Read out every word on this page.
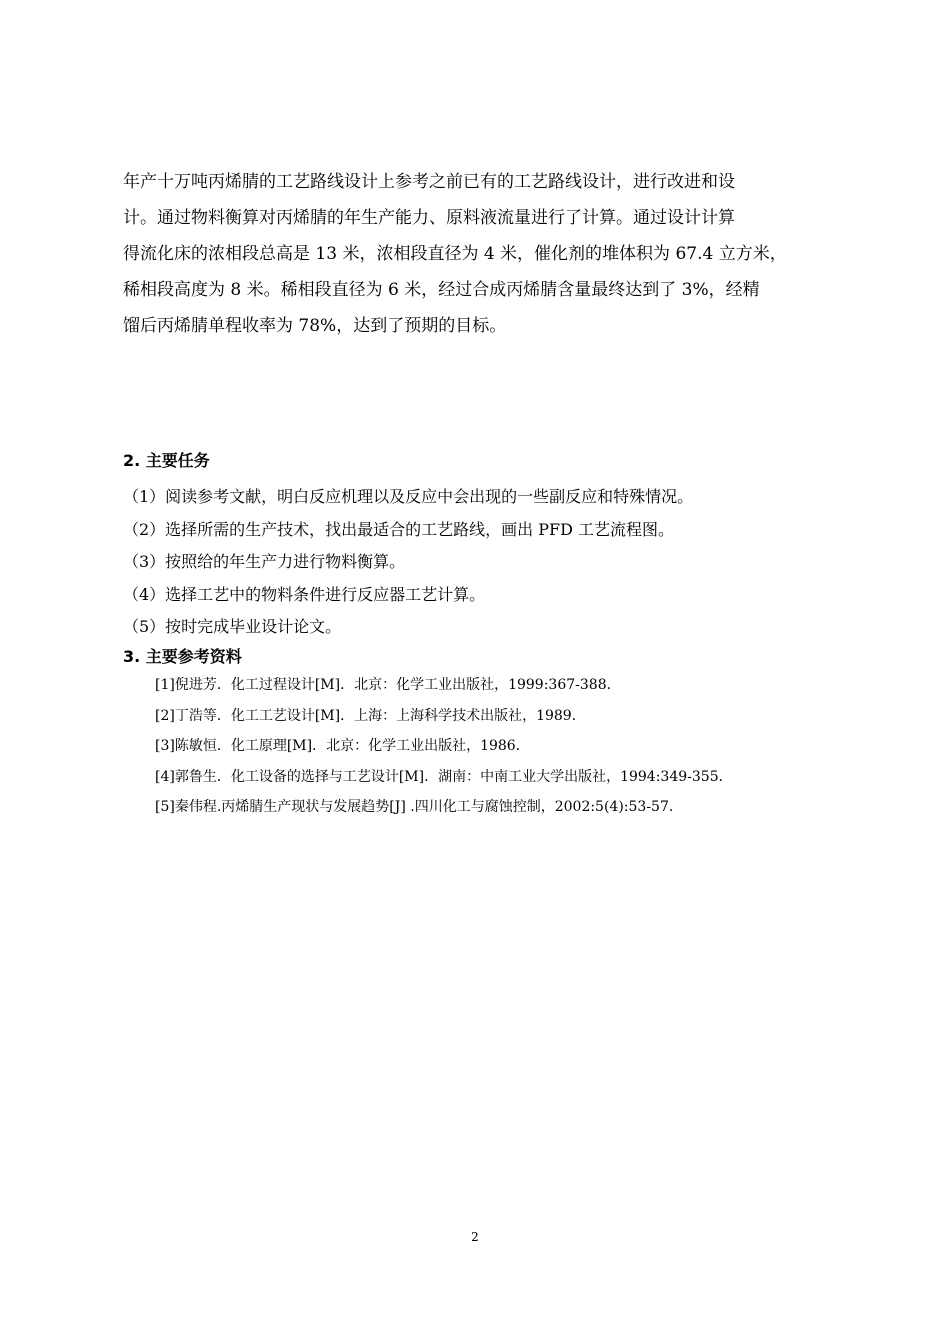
年产十万吨丙烯腈的工艺路线设计上参考之前已有的工艺路线设计，进行改进和设
计。通过物料衡算对丙烯腈的年生产能力、原料液流量进行了计算。通过设计计算
得流化床的浓相段总高是 13 米，浓相段直径为 4 米，催化剂的堆体积为 67.4 立方米，
稀相段高度为 8 米。稀相段直径为 6 米，经过合成丙烯腈含量最终达到了 3%，经精
馏后丙烯腈单程收率为 78%，达到了预期的目标。
2. 主要任务
（1）阅读参考文献，明白反应机理以及反应中会出现的一些副反应和特殊情况。
（2）选择所需的生产技术，找出最适合的工艺路线，画出 PFD 工艺流程图。
（3）按照给的年生产力进行物料衡算。
（4）选择工艺中的物料条件进行反应器工艺计算。
（5）按时完成毕业设计论文。
3. 主要参考资料
[1]倪进芳．化工过程设计[M]．北京：化学工业出版社，1999:367-388．
[2]丁浩等．化工工艺设计[M]．上海：上海科学技术出版社，1989．
[3]陈敏恒．化工原理[M]．北京：化学工业出版社，1986．
[4]郭鲁生．化工设备的选择与工艺设计[M]．湖南：中南工业大学出版社，1994:349-355．
[5]秦伟程.丙烯腈生产现状与发展趋势[J] .四川化工与腐蚀控制，2002:5(4):53-57．
2
